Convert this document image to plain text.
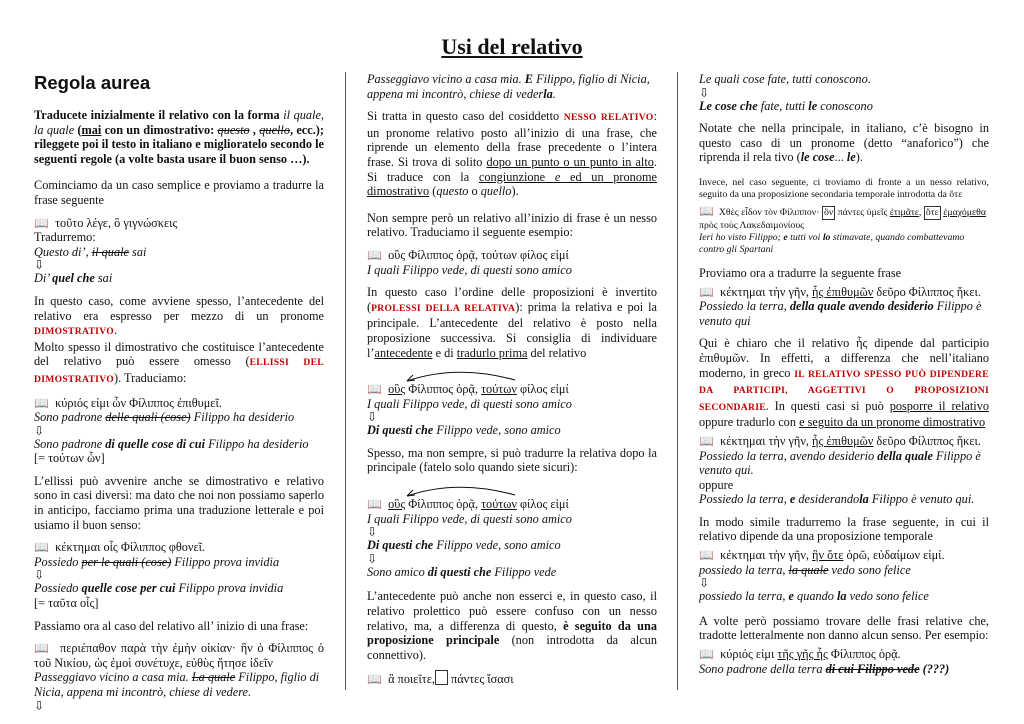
Usi del relativo
Regola aurea

Traducete inizialmente il relativo con la forma il quale, la quale (mai con un dimostrativo: questo , quello, ecc.); rileggete poi il testo in italiano e miglioratelo secondo le seguenti regole (a volte basta usare il buon senso …).

Cominciamo da un caso semplice e proviamo a tradurre la frase seguente

📖 τοῦτο λέγε, ὃ γιγνώσκεις
Tradurremo:
Questo di’, il quale sai
⇩
Di’ quel che sai

In questo caso, come avviene spesso, l’antecedente del relativo era espresso per mezzo di un pronome DIMOSTRATIVO.

Molto spesso il dimostrativo che costituisce l’antecedente del relativo può essere omesso (ELLISSI DEL DIMOSTRATIVO). Traduciamo:

📖 κύριός εἰμι ὧν Φίλιππος ἐπιθυμεῖ.
Sono padrone delle quali (cose) Filippo ha desiderio
⇩
Sono padrone di quelle cose di cui Filippo ha desiderio
[= τούτων ὧν]

L’ellissi può avvenire anche se dimostrativo e relativo sono in casi diversi: ma dato che noi non possiamo saperlo in anticipo, facciamo prima una traduzione letterale e poi usiamo il buon senso:

📖 κέκτημαι οἷς Φίλιππος φθονεῖ.
Possiedo per le quali (cose) Filippo prova invidia
⇩
Possiedo quelle cose per cui Filippo prova invidia
[= ταῦτα οἷς]

Passiamo ora al caso del relativo all’ inizio di una frase:

📖 περιέπαθον παρὰ τὴν ἐμὴν οἰκίαν· ἣν ὁ Φίλιππος ὁ τοῦ Νικίου, ὡς ἐμοὶ συνέτυχε, εὐθὺς ἤτησε ἰδεῖν
Passeggiavo vicino a casa mia. La quale Filippo, figlio di Nicia, appena mi incontrò, chiese di vedere.
⇩

Passeggiavo vicino a casa mia. E Filippo, figlio di Nicia, appena mi incontrò, chiese di vederla.

Si tratta in questo caso del cosiddetto NESSO RELATIVO: un pronome relativo posto all’inizio di una frase, che riprende un elemento della frase precedente o l’intera frase. Si trova di solito dopo un punto o un punto in alto. Si traduce con la congiunzione e ed un pronome dimostrativo (questo o quello).

Non sempre però un relativo all’inizio di frase è un nesso relativo. Traduciamo il seguente esempio:

📖 οὓς Φίλιππος ὁρᾷ, τούτων φίλος εἰμί
I quali Filippo vede, di questi sono amico

In questo caso l’ordine delle proposizioni è invertito (PROLESSI DELLA RELATIVA): prima la relativa e poi la principale. L’antecedente del relativo è posto nella proposizione successiva. Si consiglia di individuare l’antecedente e di tradurlo prima del relativo

📖 οὓς Φίλιππος ὁρᾷ, τούτων φίλος εἰμί
I quali Filippo vede, di questi sono amico
⇩
Di questi che Filippo vede, sono amico

Spesso, ma non sempre, si può tradurre la relativa dopo la principale (fatelo solo quando siete sicuri):

📖 οὓς Φίλιππος ὁρᾷ, τούτων φίλος εἰμί
I quali Filippo vede, di questi sono amico
⇩
Di questi che Filippo vede, sono amico
⇩
Sono amico di questi che Filippo vede

L’antecedente può anche non esserci e, in questo caso, il relativo prolettico può essere confuso con un nesso relativo, ma, a differenza di questo, è seguito da una proposizione principale (non introdotta da alcun connettivo).

📖 ἃ ποιεῖτε, πάντες ἴσασι
Le quali cose fate, tutti conoscono.
⇩
Le cose che fate, tutti le conoscono

Notate che nella principale, in italiano, c’è bisogno in questo caso di un pronome (detto “anaforico”) che riprenda il rela tivo (le cose... le).

Invece, nel caso seguente, ci troviamo di fronte a un nesso relativo, seguito da una proposizione secondaria temporale introdotta da ὅτε

📖 Χθὲς εἶδον τὸν Φίλιππον· ὃν πάντες ὑμεῖς ἐτιμᾶτε, ὅτε ἐμαχόμεθα πρὸς τοὺς Λακεδαιμονίους
Ieri ho visto Filippo; e tutti voi lo stimavate, quando combattevamo contro gli Spartani

Proviamo ora a tradurre la seguente frase

📖 κέκτημαι τὴν γῆν, ἧς ἐπιθυμῶν δεῦρο Φίλιππος ἥκει.
Possiedo la terra, della quale avendo desiderio Filippo è venuto qui

Qui è chiaro che il relativo ἧς dipende dal participio ἐπιθυμῶν. In effetti, a differenza che nell’italiano moderno, in greco IL RELATIVO SPESSO PUÒ DIPENDERE DA PARTICIPI, AGGETTIVI O PROPOSIZIONI SECONDARIE. In questi casi si può posporre il relativo oppure tradurlo con e seguito da un pronome dimostrativo

📖 κέκτημαι τὴν γῆν, ἧς ἐπιθυμῶν δεῦρο Φίλιππος ἥκει.
Possiedo la terra, avendo desiderio della quale Filippo è venuto qui.
oppure
Possiedo la terra, e desiderandola Filippo è venuto qui.

In modo simile tradurremo la frase seguente, in cui il relativo dipende da una proposizione temporale

📖 κέκτημαι τὴν γῆν, ἣν ὅτε ὁρῶ, εὐδαίμων εἰμί.
possiedo la terra, la quale vedo sono felice
⇩
possiedo la terra, e quando la vedo sono felice

A volte però possiamo trovare delle frasi relative che, tradotte letteralmente non danno alcun senso. Per esempio:

📖 κύριός εἰμι τῆς γῆς ἧς Φίλιππος ὁρᾷ.
Sono padrone della terra di cui Filippo vede (???)
